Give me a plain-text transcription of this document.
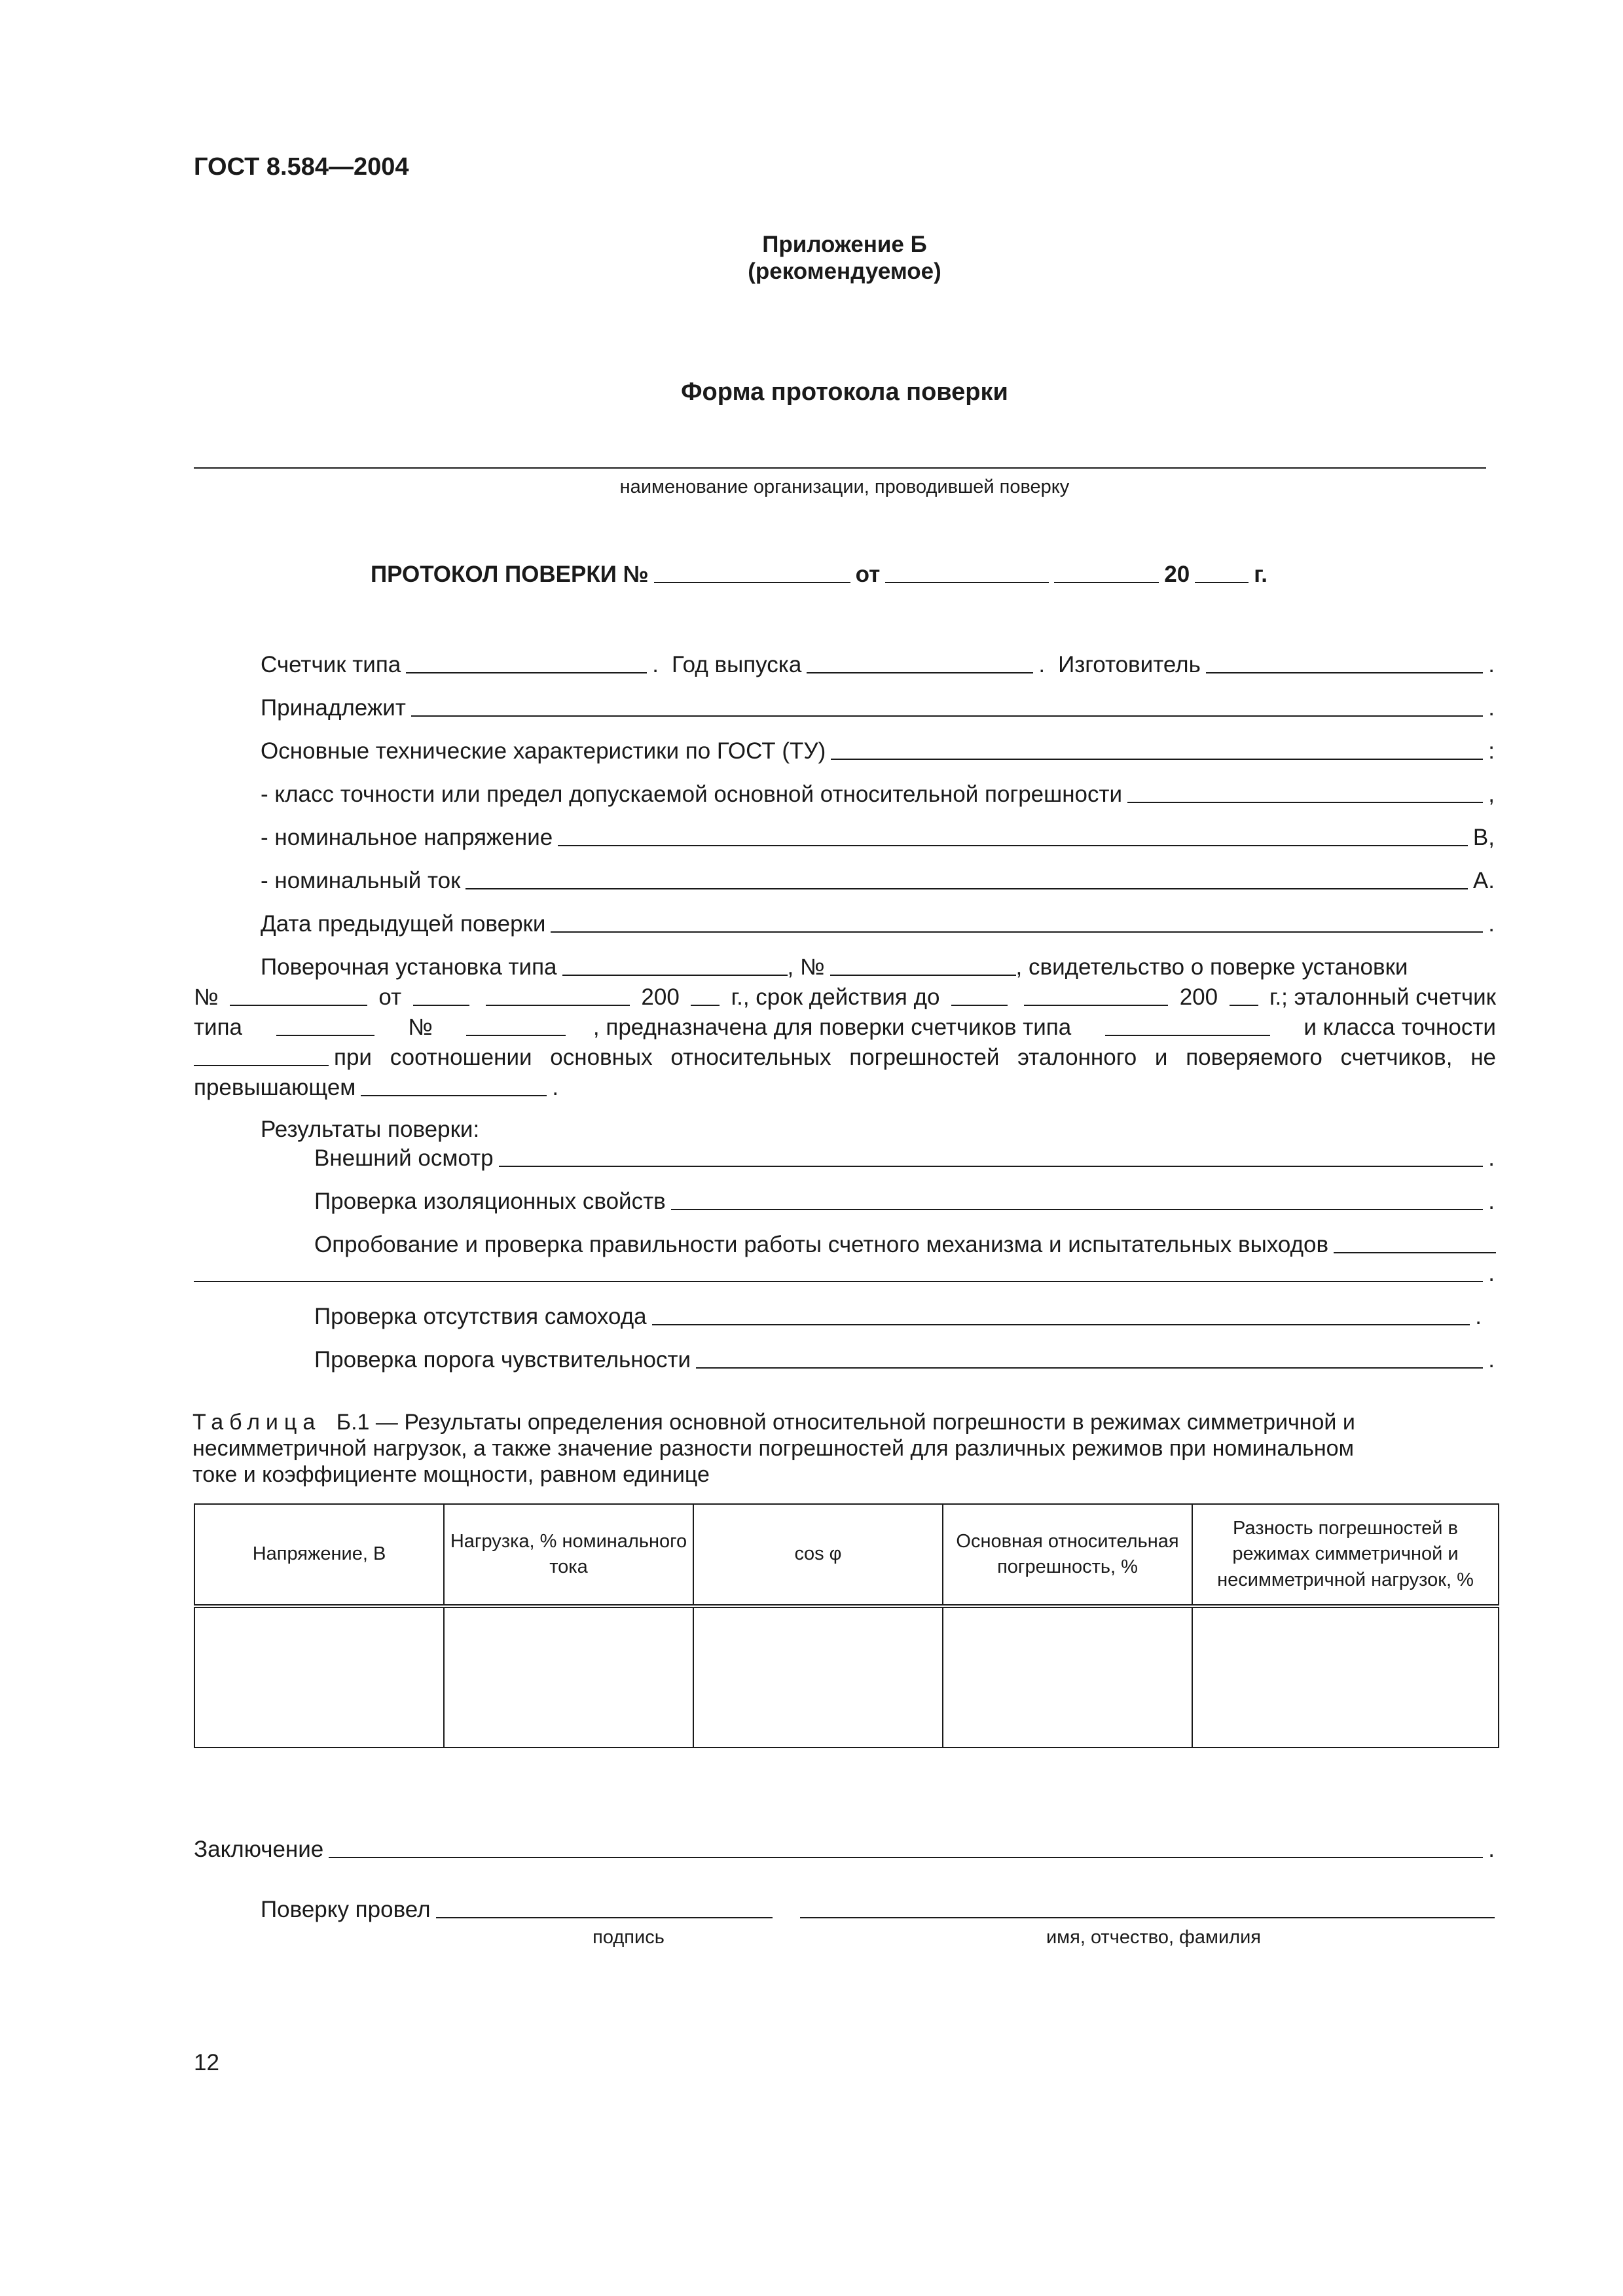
ГОСТ 8.584—2004
Приложение Б
(рекомендуемое)
Форма протокола поверки
наименование организации, проводившей поверку
ПРОТОКОЛ ПОВЕРКИ №	от	20	г.
Счетчик типа	. Год выпуска	. Изготовитель	.
Принадлежит	.
Основные технические характеристики по ГОСТ (ТУ)	:
- класс точности или предел допускаемой основной относительной погрешности	,
- номинальное напряжение	В,
- номинальный ток	А.
Дата предыдущей поверки	.
Поверочная установка типа	, №	, свидетельство о поверке установки
№	от	200 г., срок действия до	200 г.; эталонный счетчик
типа	№	, предназначена для поверки счетчиков типа	и класса точности
при соотношении основных относительных погрешностей эталонного и поверяемого счетчиков, не
превышающем	.
Результаты поверки:
Внешний осмотр	.
Проверка изоляционных свойств	.
Опробование и проверка правильности работы счетного механизма и испытательных выходов
.
Проверка отсутствия самохода	.
Проверка порога чувствительности	.
Таблица Б.1 — Результаты определения основной относительной погрешности в режимах симметричной и
несимметричной нагрузок, а также значение разности погрешностей для различных режимов при номинальном
токе и коэффициенте мощности, равном единице
Напряжение, В	Нагрузка, % номинального тока	cos φ	Основная относительная погрешность, %	Разность погрешностей в режимах симметричной и несимметричной нагрузок, %

Заключение	.
Поверку провел
подпись	имя, отчество, фамилия
12
